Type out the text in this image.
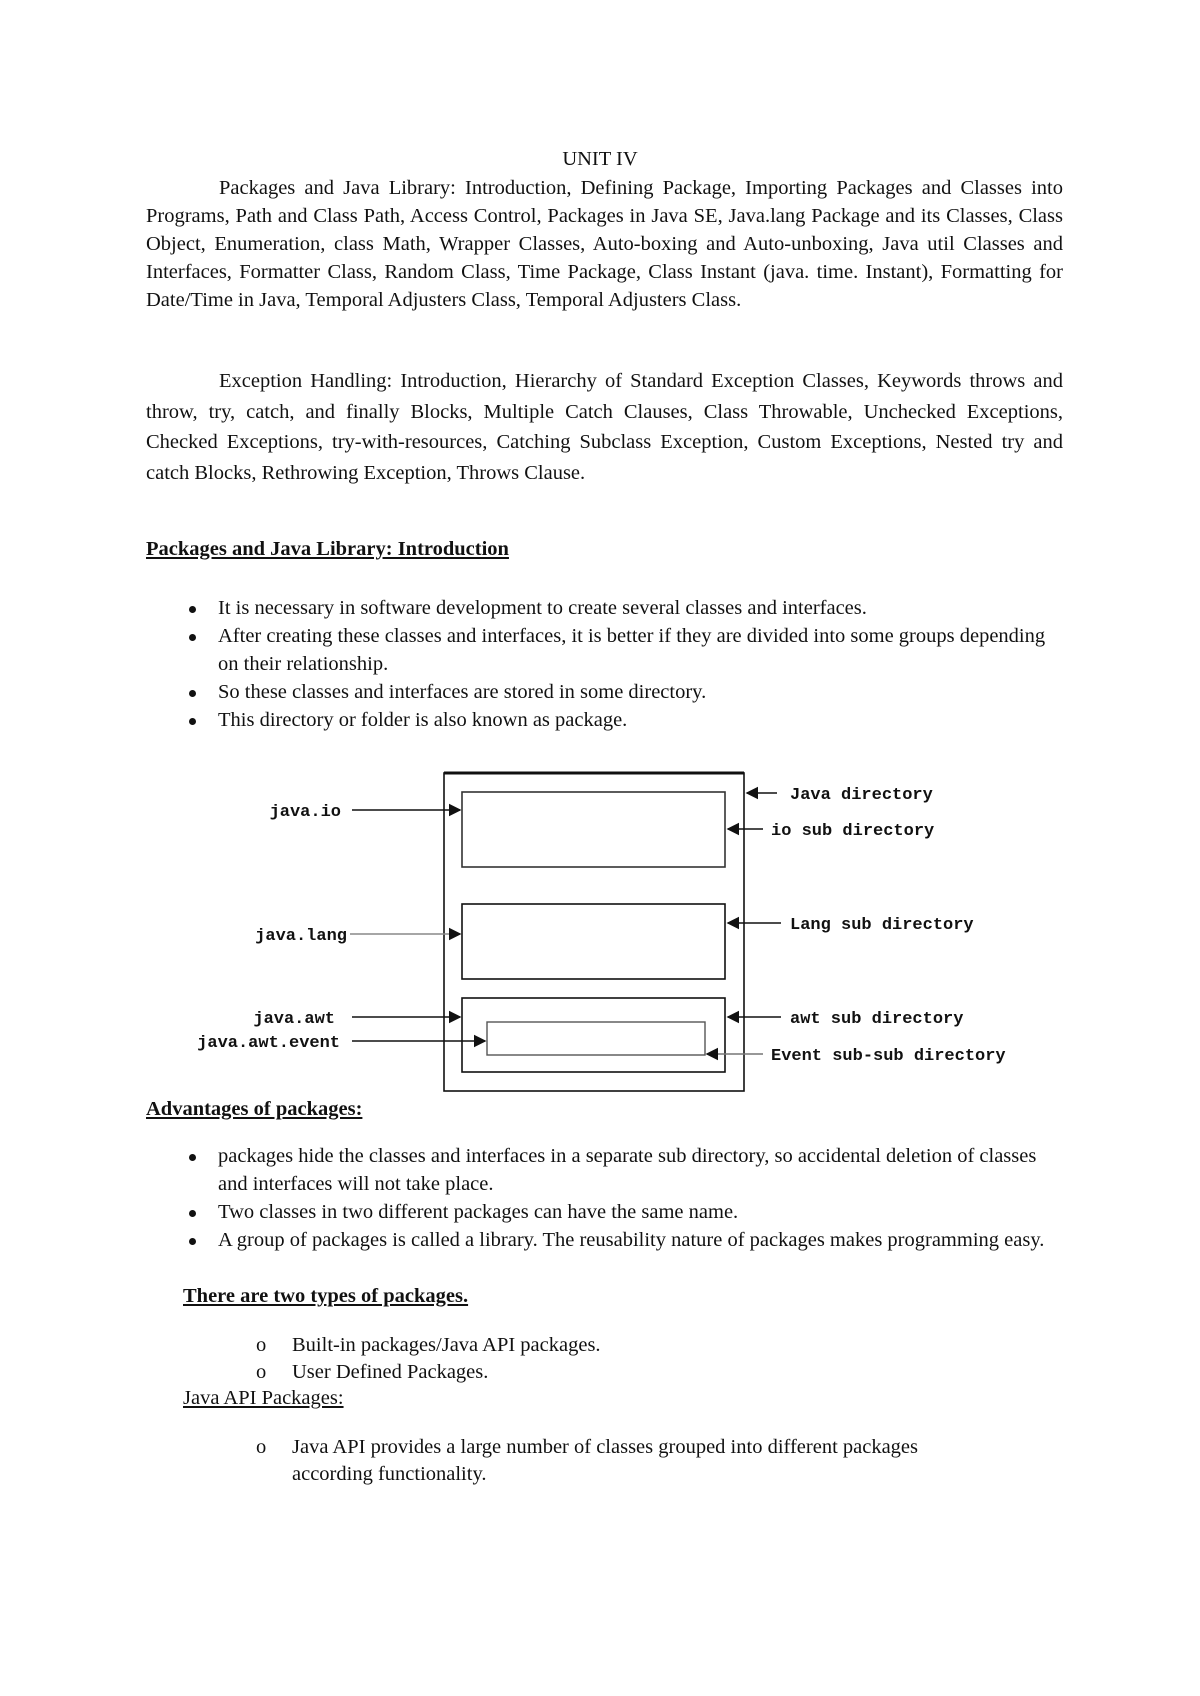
UNIT IV
Packages and Java Library: Introduction, Defining Package, Importing Packages and Classes into Programs, Path and Class Path, Access Control, Packages in Java SE, Java.lang Package and its Classes, Class Object, Enumeration, class Math, Wrapper Classes, Auto-boxing and Auto-unboxing, Java util Classes and Interfaces, Formatter Class, Random Class, Time Package, Class Instant (java. time. Instant), Formatting for Date/Time in Java, Temporal Adjusters Class, Temporal Adjusters Class.
Exception Handling: Introduction, Hierarchy of Standard Exception Classes, Keywords throws and throw, try, catch, and finally Blocks, Multiple Catch Clauses, Class Throwable, Unchecked Exceptions, Checked Exceptions, try-with-resources, Catching Subclass Exception, Custom Exceptions, Nested try and catch Blocks, Rethrowing Exception, Throws Clause.
Packages and Java Library: Introduction
It is necessary in software development to create several classes and interfaces.
After creating these classes and interfaces, it is better if they are divided into some groups depending on their relationship.
So these classes and interfaces are stored in some directory.
This directory or folder is also known as package.
java.io
java.lang
java.awt
java.awt.event
Java directory
io sub directory
Lang sub directory
awt sub directory
Event sub-sub directory
Advantages of packages:
packages hide the classes and interfaces in a separate sub directory, so accidental deletion of classes and interfaces will not take place.
Two classes in two different packages can have the same name.
A group of packages is called a library. The reusability nature of packages makes programming easy.
There are two types of packages.
o Built-in packages/Java API packages.
o User Defined Packages.
Java API Packages:
o Java API provides a large number of classes grouped into different packages according functionality.
